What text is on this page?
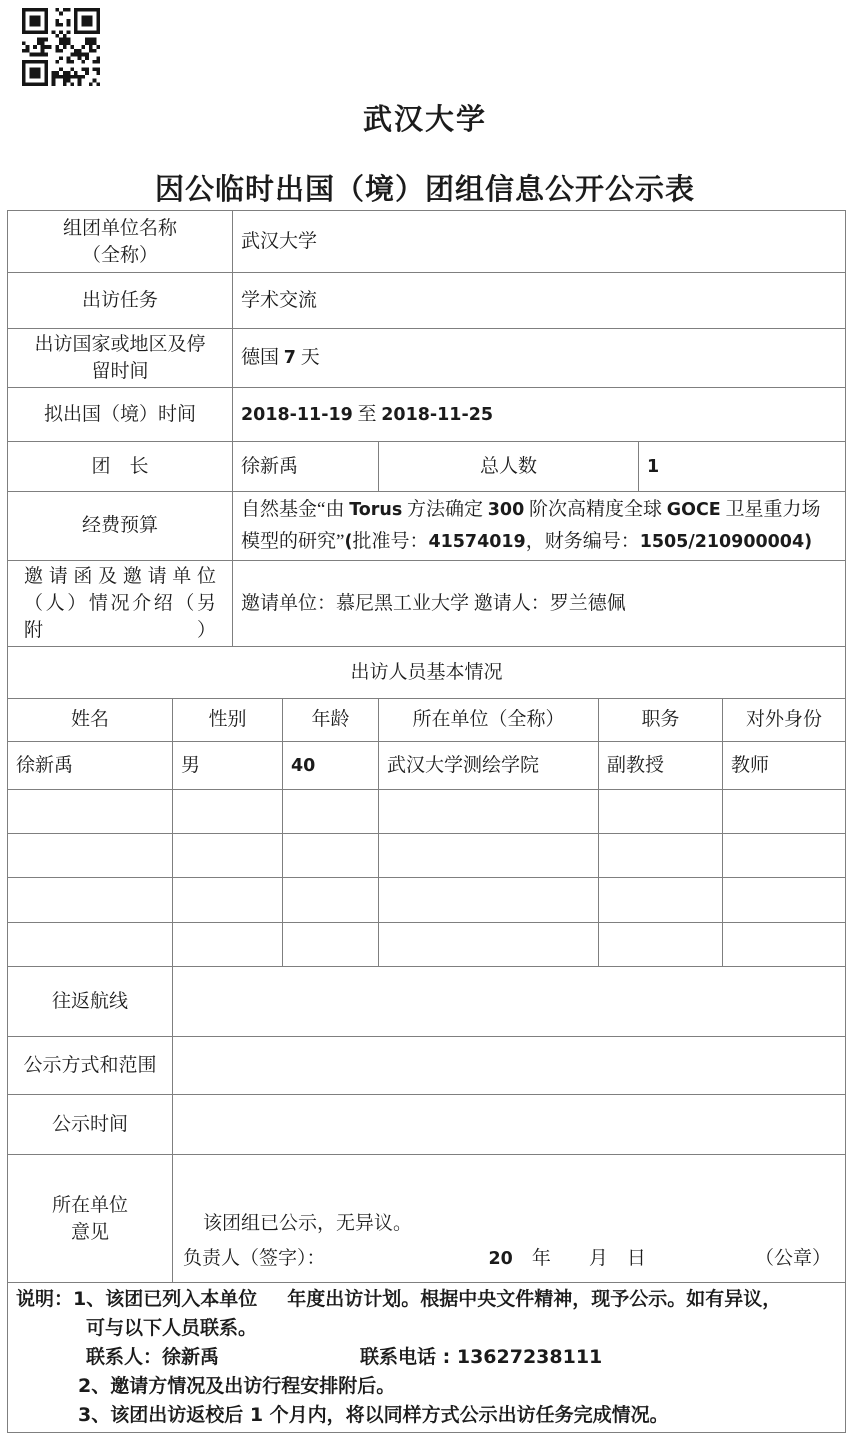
武汉大学
因公临时出国（境）团组信息公开公示表
组团单位名称
（全称）		武汉大学					
出访任务		学术交流					

出访国家或地区及停
留时间		德国 7 天					
拟出国（境）时间		2018-11-19 至 2018-11-25					
团　长		徐新禹		总人数		1	
经费预算		自然基金“由 Torus 方法确定 300 阶次高精度全球 GOCE 卫星重力场模型的研究”(批准号：41574019，财务编号：1505/210900004)					

邀请函及邀请单位
（人）情况介绍（另附）		邀请单位：慕尼黑工业大学 邀请人：罗兰德佩					
出访人员基本情况							
姓名	性别		年龄	所在单位（全称）	职务		对外身份
徐新禹	男		40	武汉大学测绘学院	副教授		教师

往返航线							
公示方式和范围							
公示时间							

所在单位
意见	该团组已公示，无异议。
负责人（签字）：	20　年　　月　日	（公章）

说明：1、该团已列入本单位 年度出访计划。根据中央文件精神，现予公示。如有异议，
可与以下人员联系。
联系人：徐新禹 联系电话 : 13627238111
2、邀请方情况及出访行程安排附后。
3、该团出访返校后 1 个月内，将以同样方式公示出访任务完成情况。							
